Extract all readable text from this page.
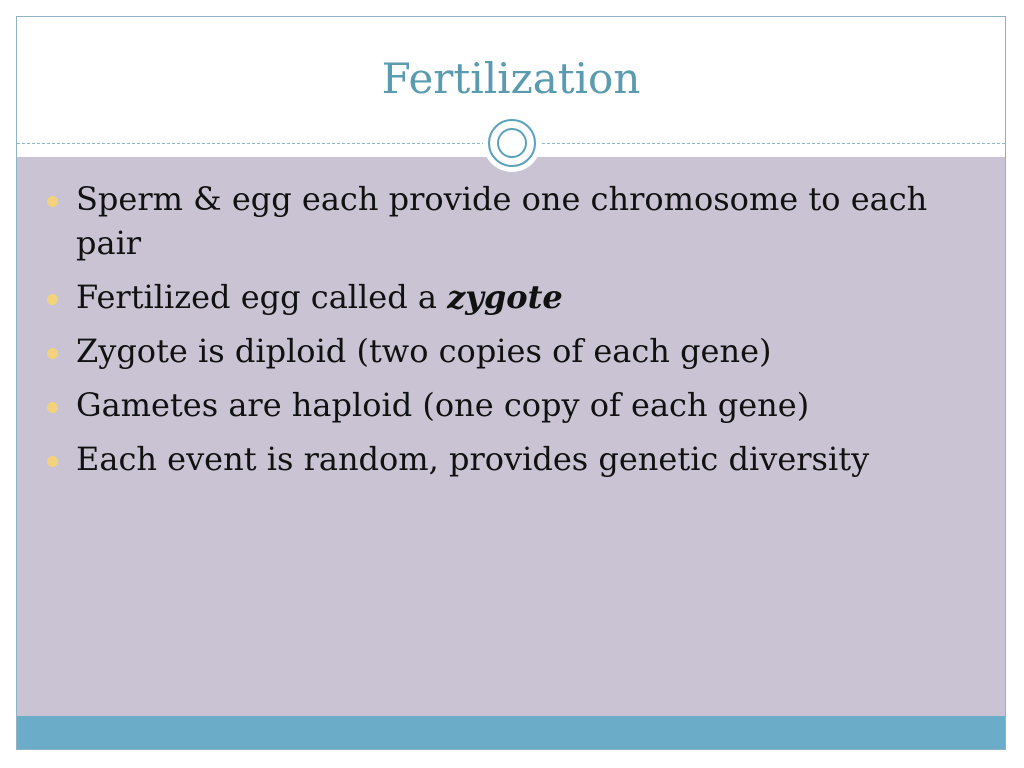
Fertilization
Sperm & egg each provide one chromosome to each pair
Fertilized egg called a zygote
Zygote is diploid (two copies of each gene)
Gametes are haploid (one copy of each gene)
Each event is random, provides genetic diversity
